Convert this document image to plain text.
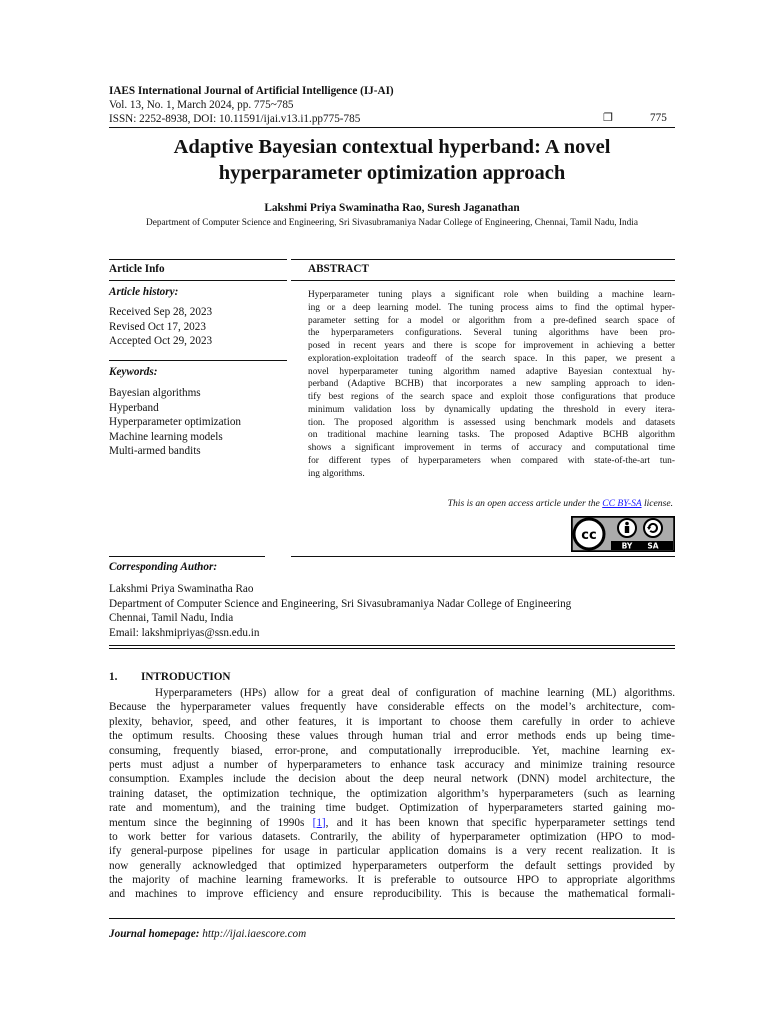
IAES International Journal of Artificial Intelligence (IJ-AI)
Vol. 13, No. 1, March 2024, pp. 775~785
ISSN: 2252-8938, DOI: 10.11591/ijai.v13.i1.pp775-785	❐	775
Adaptive Bayesian contextual hyperband: A novel
hyperparameter optimization approach
Lakshmi Priya Swaminatha Rao, Suresh Jaganathan
Department of Computer Science and Engineering, Sri Sivasubramaniya Nadar College of Engineering, Chennai, Tamil Nadu, India
Article Info
Article history:
Received Sep 28, 2023
Revised Oct 17, 2023
Accepted Oct 29, 2023
Keywords:
Bayesian algorithms
Hyperband
Hyperparameter optimization
Machine learning models
Multi-armed bandits
ABSTRACT
Hyperparameter tuning plays a significant role when building a machine learn-
ing or a deep learning model. The tuning process aims to find the optimal hyper-
parameter setting for a model or algorithm from a pre-defined search space of
the hyperparameters configurations. Several tuning algorithms have been pro-
posed in recent years and there is scope for improvement in achieving a better
exploration-exploitation tradeoff of the search space. In this paper, we present a
novel hyperparameter tuning algorithm named adaptive Bayesian contextual hy-
perband (Adaptive BCHB) that incorporates a new sampling approach to iden-
tify best regions of the search space and exploit those configurations that produce
minimum validation loss by dynamically updating the threshold in every itera-
tion. The proposed algorithm is assessed using benchmark models and datasets
on traditional machine learning tasks. The proposed Adaptive BCHB algorithm
shows a significant improvement in terms of accuracy and computational time
for different types of hyperparameters when compared with state-of-the-art tun-
ing algorithms.
This is an open access article under the CC BY-SA license.
cc
BY SA
Corresponding Author:
Lakshmi Priya Swaminatha Rao
Department of Computer Science and Engineering, Sri Sivasubramaniya Nadar College of Engineering
Chennai, Tamil Nadu, India
Email: lakshmipriyas@ssn.edu.in
1. INTRODUCTION
Hyperparameters (HPs) allow for a great deal of configuration of machine learning (ML) algorithms.
Because the hyperparameter values frequently have considerable effects on the model’s architecture, com-
plexity, behavior, speed, and other features, it is important to choose them carefully in order to achieve
the optimum results. Choosing these values through human trial and error methods ends up being time-
consuming, frequently biased, error-prone, and computationally irreproducible. Yet, machine learning ex-
perts must adjust a number of hyperparameters to enhance task accuracy and minimize training resource
consumption. Examples include the decision about the deep neural network (DNN) model architecture, the
training dataset, the optimization technique, the optimization algorithm’s hyperparameters (such as learning
rate and momentum), and the training time budget. Optimization of hyperparameters started gaining mo-
mentum since the beginning of 1990s [1], and it has been known that specific hyperparameter settings tend
to work better for various datasets. Contrarily, the ability of hyperparameter optimization (HPO to mod-
ify general-purpose pipelines for usage in particular application domains is a very recent realization. It is
now generally acknowledged that optimized hyperparameters outperform the default settings provided by
the majority of machine learning frameworks. It is preferable to outsource HPO to appropriate algorithms
and machines to improve efficiency and ensure reproducibility. This is because the mathematical formali-
Journal homepage: http://ijai.iaescore.com
